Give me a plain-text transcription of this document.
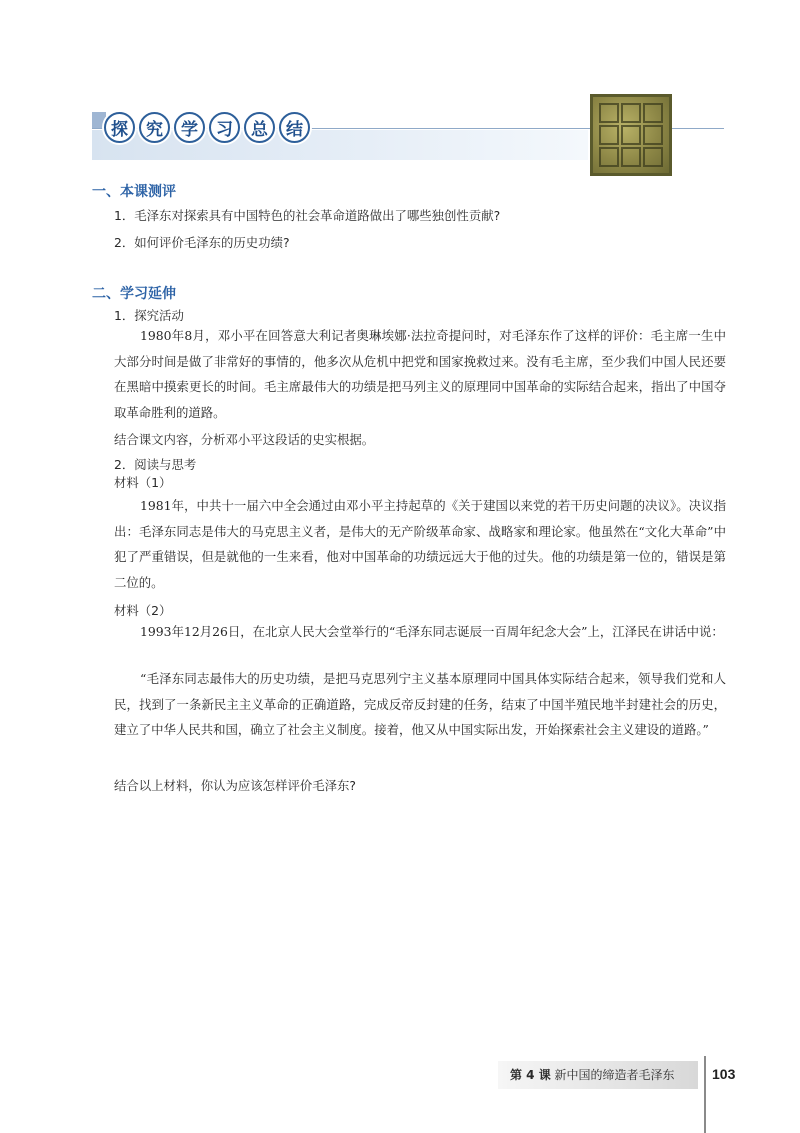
探	究	学	习	总	结
一、本课测评
1．毛泽东对探索具有中国特色的社会革命道路做出了哪些独创性贡献?
2．如何评价毛泽东的历史功绩?
二、学习延伸
1．探究活动
1980年8月，邓小平在回答意大利记者奥琳埃娜·法拉奇提问时，对毛泽东作了这样的评价：毛主席一生中大部分时间是做了非常好的事情的，他多次从危机中把党和国家挽救过来。没有毛主席，至少我们中国人民还要在黑暗中摸索更长的时间。毛主席最伟大的功绩是把马列主义的原理同中国革命的实际结合起来，指出了中国夺取革命胜利的道路。
结合课文内容，分析邓小平这段话的史实根据。
2．阅读与思考
材料（1）
1981年，中共十一届六中全会通过由邓小平主持起草的《关于建国以来党的若干历史问题的决议》。决议指出：毛泽东同志是伟大的马克思主义者，是伟大的无产阶级革命家、战略家和理论家。他虽然在“文化大革命”中犯了严重错误，但是就他的一生来看，他对中国革命的功绩远远大于他的过失。他的功绩是第一位的，错误是第二位的。
材料（2）
1993年12月26日，在北京人民大会堂举行的“毛泽东同志诞辰一百周年纪念大会”上，江泽民在讲话中说：
“毛泽东同志最伟大的历史功绩，是把马克思列宁主义基本原理同中国具体实际结合起来，领导我们党和人民，找到了一条新民主主义革命的正确道路，完成反帝反封建的任务，结束了中国半殖民地半封建社会的历史，建立了中华人民共和国，确立了社会主义制度。接着，他又从中国实际出发，开始探索社会主义建设的道路。”
结合以上材料，你认为应该怎样评价毛泽东?
第 4 课 新中国的缔造者毛泽东	103
